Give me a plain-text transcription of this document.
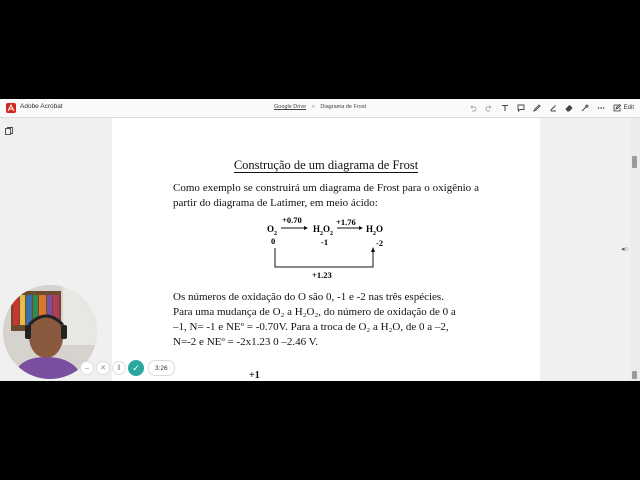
Adobe Acrobat	Google Drive > Diagrama de Frost	Edit
Construção de um diagrama de Frost
Como exemplo se construirá um diagrama de Frost para o oxigênio a partir do diagrama de Latimer, em meio ácido:
$O_2$	$H_2O_2$	$H_2O$
+0.70	+1.76
+1.23
0	-1	-2
Os números de oxidação do O são 0, -1 e -2 nas três espécies.
Para uma mudança de O₂ a H₂O₂, do número de oxidação de 0 a
–1, N= -1 e NEº = -0.70V. Para a troca de O₂ a H₂O, de 0 a –2,
N=-2 e NEº = -2x1.23 0 –2.46 V.
+1
◂○
–	✕	‖	✓	3:26
